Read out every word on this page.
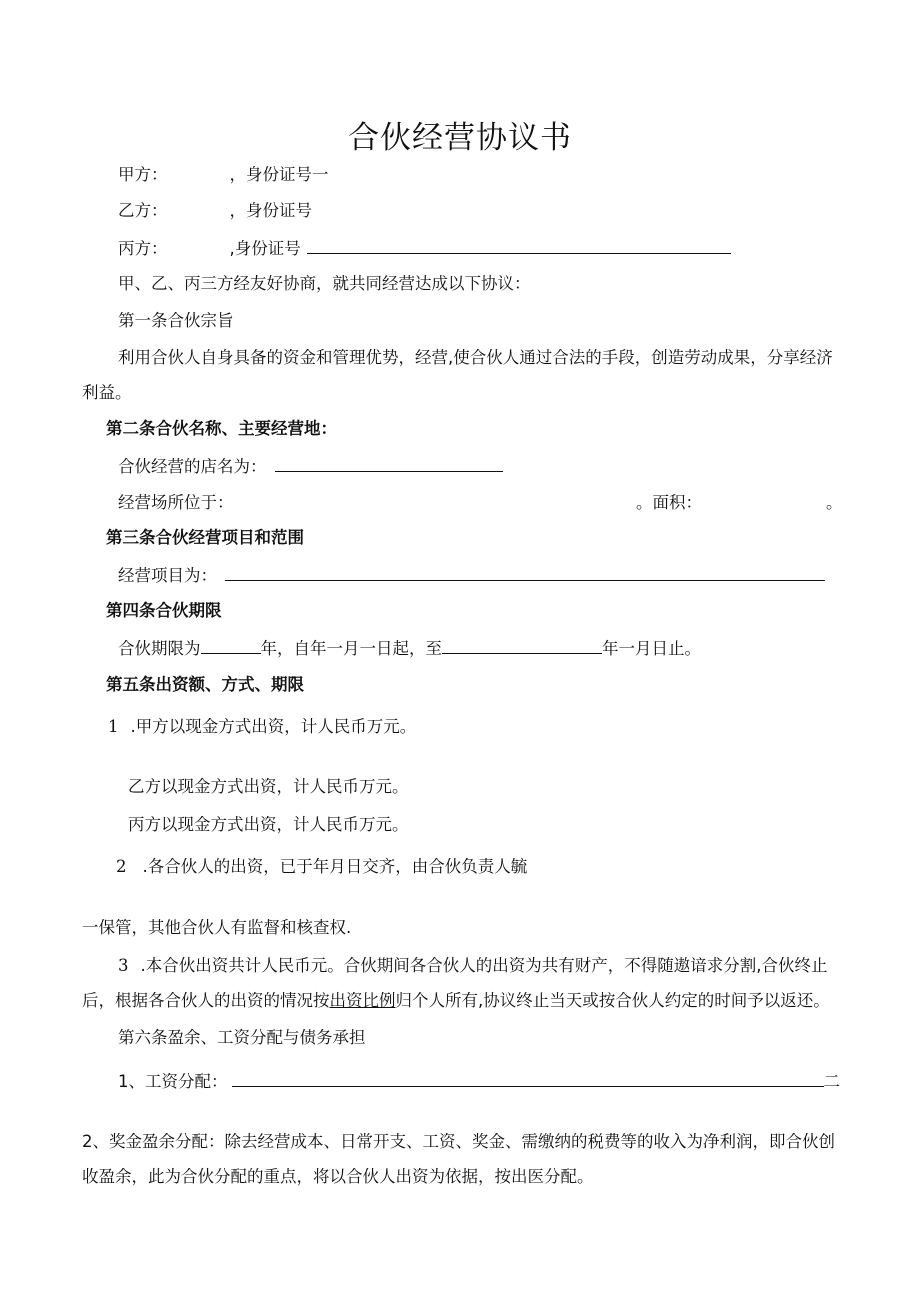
合伙经营协议书
甲方：	，身份证号一
乙方：	，身份证号
丙方：	,身份证号
甲、乙、丙三方经友好协商，就共同经营达成以下协议：
第一条合伙宗旨
利用合伙人自身具备的资金和管理优势，经营,使合伙人通过合法的手段，创造劳动成果，分享经济
利益。
第二条合伙名称、主要经营地：
合伙经营的店名为：
经营场所位于：	。面积：	。
第三条合伙经营项目和范围
经营项目为：
第四条合伙期限
合伙期限为	年，自年一月一日起，至	年一月日止。
第五条出资额、方式、期限
1 .甲方以现金方式出资，计人民币万元。
乙方以现金方式出资，计人民币万元。
丙方以现金方式出资，计人民币万元。
2 .各合伙人的出资，已于年月日交齐，由合伙负责人毓
一保管，其他合伙人有监督和核查权.
3 .本合伙出资共计人民币元。合伙期间各合伙人的出资为共有财产，不得随遨谙求分割,合伙终止
后，根据各合伙人的出资的情况按出资比例归个人所有,协议终止当天或按合伙人约定的时间予以返还。
第六条盈余、工资分配与债务承担
1、工资分配：	二
2、奖金盈余分配：除去经营成本、日常开支、工资、奖金、需缴纳的税费等的收入为净利润，即合伙创
收盈余，此为合伙分配的重点，将以合伙人出资为依据，按出医分配。
